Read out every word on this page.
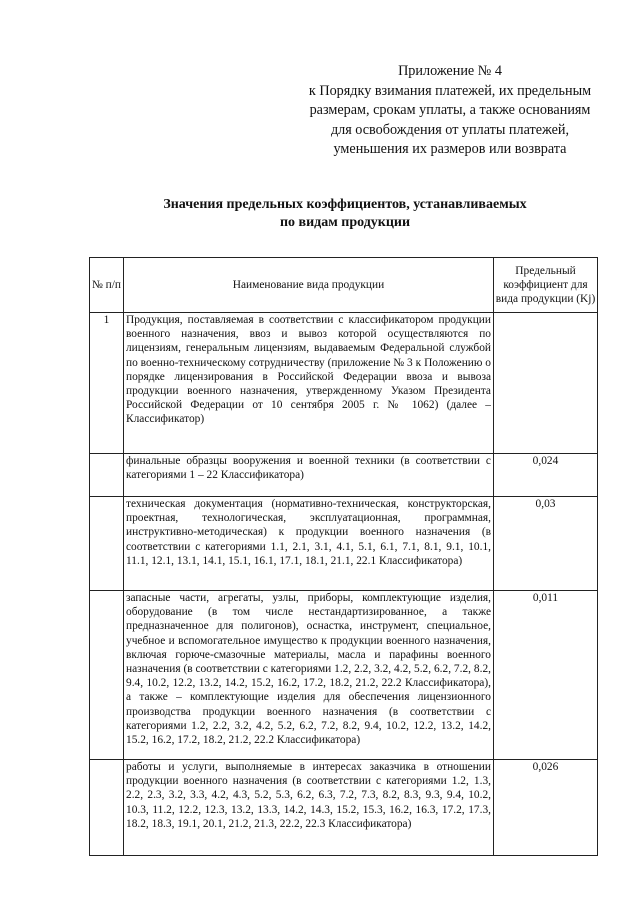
Приложение № 4
к Порядку взимания платежей, их предельным размерам, срокам уплаты, а также основаниям для освобождения от уплаты платежей, уменьшения их размеров или возврата
Значения предельных коэффициентов, устанавливаемых
по видам продукции
№ п/п	Наименование вида продукции	Предельный коэффициент для вида продукции (Kj)
1	Продукция, поставляемая в соответствии с классификатором продукции военного назначения, ввоз и вывоз которой осуществляются по лицензиям, генеральным лицензиям, выдаваемым Федеральной службой по военно-техническому сотрудничеству (приложение № 3 к Положению о порядке лицензирования в Российской Федерации ввоза и вывоза продукции военного назначения, утвержденному Указом Президента Российской Федерации от 10 сентября 2005 г. № 1062) (далее – Классификатор)	
	финальные образцы вооружения и военной техники (в соответствии с категориями 1 – 22 Классификатора)	0,024
	техническая документация (нормативно-техническая, конструкторская, проектная, технологическая, эксплуатационная, программная, инструктивно-методическая) к продукции военного назначения (в соответствии с категориями 1.1, 2.1, 3.1, 4.1, 5.1, 6.1, 7.1, 8.1, 9.1, 10.1, 11.1, 12.1, 13.1, 14.1, 15.1, 16.1, 17.1, 18.1, 21.1, 22.1 Классификатора)	0,03
	запасные части, агрегаты, узлы, приборы, комплектующие изделия, оборудование (в том числе нестандартизированное, а также предназначенное для полигонов), оснастка, инструмент, специальное, учебное и вспомогательное имущество к продукции военного назначения, включая горюче-смазочные материалы, масла и парафины военного назначения (в соответствии с категориями 1.2, 2.2, 3.2, 4.2, 5.2, 6.2, 7.2, 8.2, 9.4, 10.2, 12.2, 13.2, 14.2, 15.2, 16.2, 17.2, 18.2, 21.2, 22.2 Классификатора), а также – комплектующие изделия для обеспечения лицензионного производства продукции военного назначения (в соответствии с категориями 1.2, 2.2, 3.2, 4.2, 5.2, 6.2, 7.2, 8.2, 9.4, 10.2, 12.2, 13.2, 14.2, 15.2, 16.2, 17.2, 18.2, 21.2, 22.2 Классификатора)	0,011
	работы и услуги, выполняемые в интересах заказчика в отношении продукции военного назначения (в соответствии с категориями 1.2, 1.3, 2.2, 2.3, 3.2, 3.3, 4.2, 4.3, 5.2, 5.3, 6.2, 6.3, 7.2, 7.3, 8.2, 8.3, 9.3, 9.4, 10.2, 10.3, 11.2, 12.2, 12.3, 13.2, 13.3, 14.2, 14.3, 15.2, 15.3, 16.2, 16.3, 17.2, 17.3, 18.2, 18.3, 19.1, 20.1, 21.2, 21.3, 22.2, 22.3 Классификатора)	0,026
